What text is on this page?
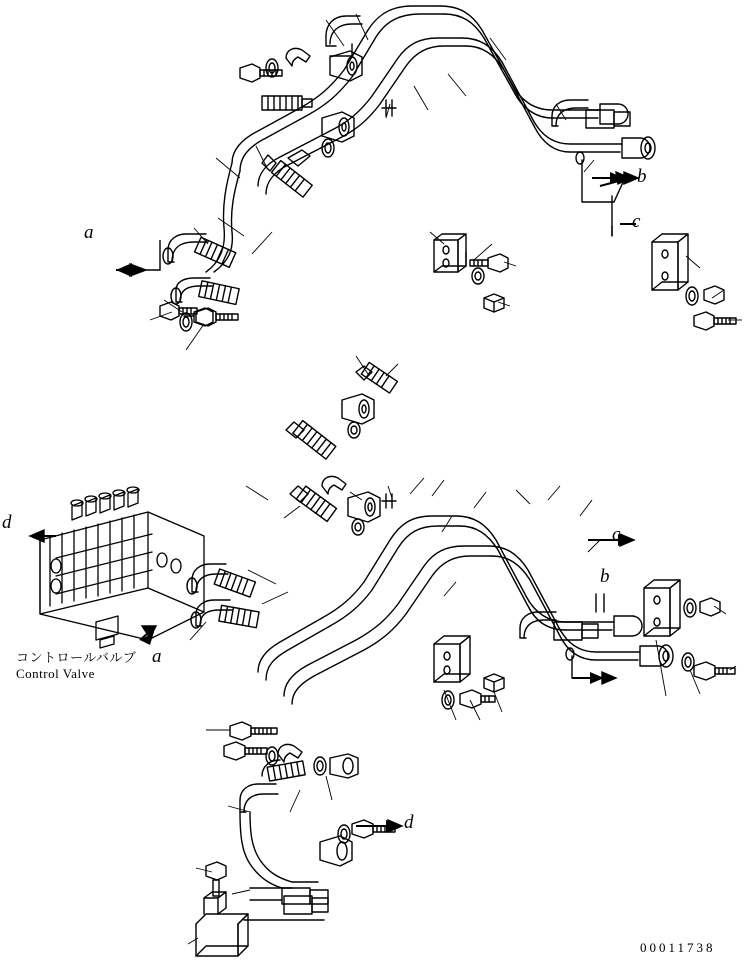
a
b
c
d
a
b
c
d
コントロールバルブ
Control Valve
00011738
